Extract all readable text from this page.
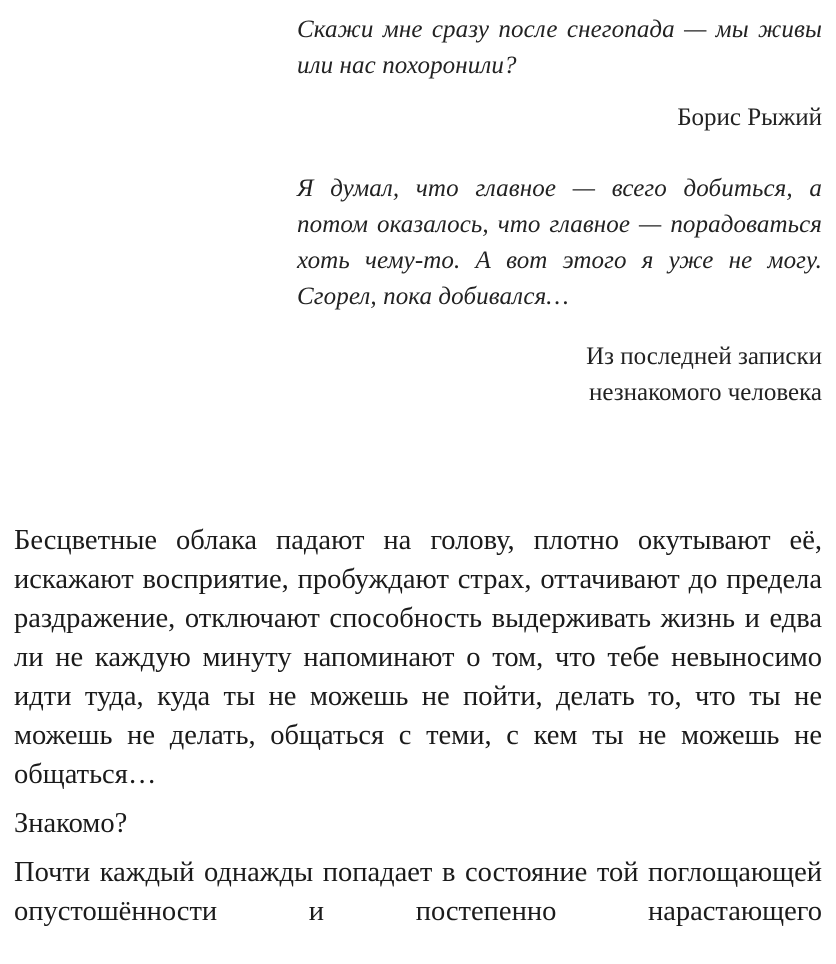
Скажи мне сразу после снегопада — мы живы или нас похоронили?

Борис Рыжий

Я думал, что главное — всего добиться, а потом оказалось, что главное — порадоваться хоть чему-то. А вот этого я уже не могу. Сгорел, пока добивался…

Из последней записки
незнакомого человека

Бесцветные облака падают на голову, плотно окутывают её, искажают восприятие, пробуждают страх, оттачивают до предела раздражение, отключают способность выдерживать жизнь и едва ли не каждую минуту напоминают о том, что тебе невыносимо идти туда, куда ты не можешь не пойти, делать то, что ты не можешь не делать, общаться с теми, с кем ты не можешь не общаться…

Знакомо?

Почти каждый однажды попадает в состояние той поглощающей опустошённости и постепенно нарастающего
